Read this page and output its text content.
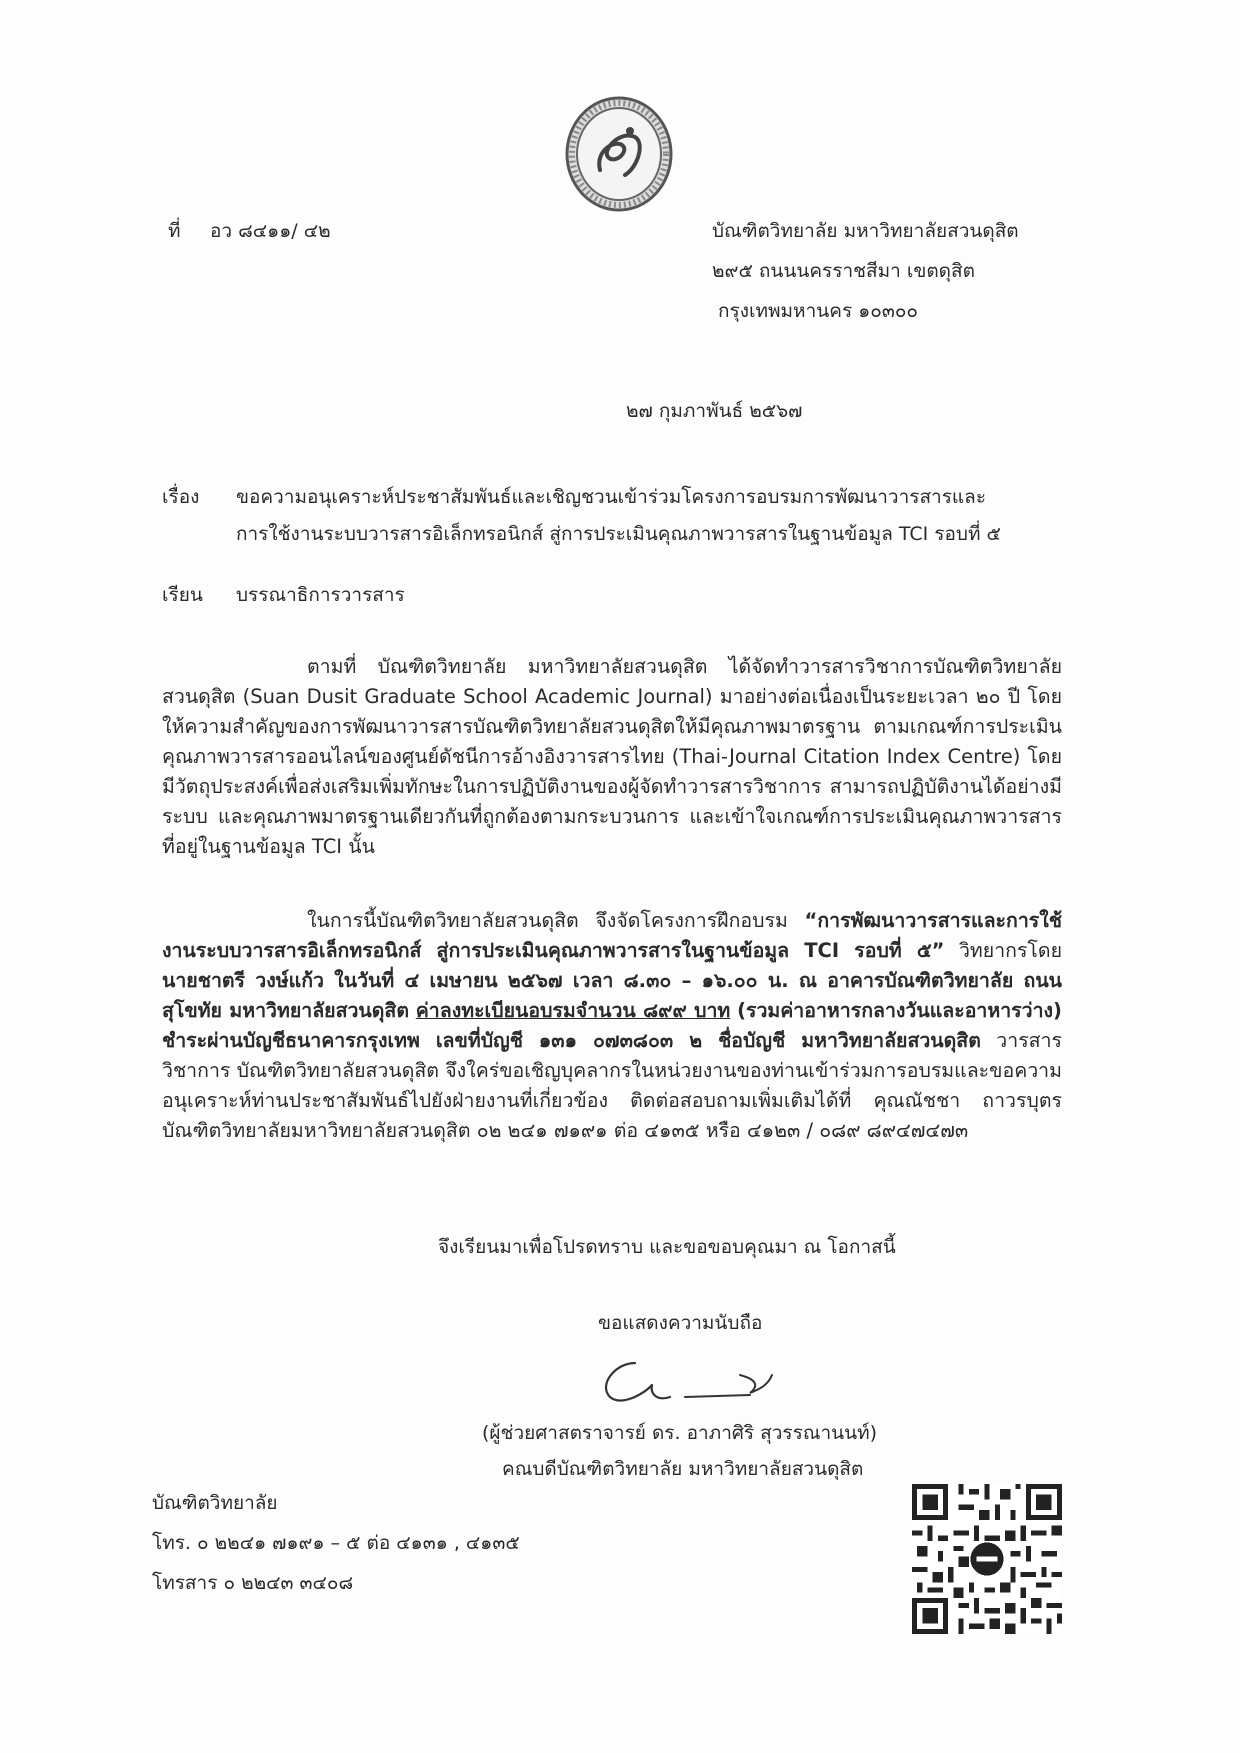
ที่ อว ๘๔๑๑/ ๔๒	บัณฑิตวิทยาลัย มหาวิทยาลัยสวนดุสิต
๒๙๕ ถนนนครราชสีมา เขตดุสิต
กรุงเทพมหานคร ๑๐๓๐๐
๒๗ กุมภาพันธ์ ๒๕๖๗
เรื่อง ขอความอนุเคราะห์ประชาสัมพันธ์และเชิญชวนเข้าร่วมโครงการอบรมการพัฒนาวารสารและ
การใช้งานระบบวารสารอิเล็กทรอนิกส์ สู่การประเมินคุณภาพวารสารในฐานข้อมูล TCI รอบที่ ๕
เรียน บรรณาธิการวารสาร

ตามที่ บัณฑิตวิทยาลัย มหาวิทยาลัยสวนดุสิต ได้จัดทำวารสารวิชาการบัณฑิตวิทยาลัยสวนดุสิต (Suan Dusit Graduate School Academic Journal) มาอย่างต่อเนื่องเป็นระยะเวลา ๒๐ ปี โดยให้ความสำคัญของการพัฒนาวารสารบัณฑิตวิทยาลัยสวนดุสิตให้มีคุณภาพมาตรฐาน ตามเกณฑ์การประเมินคุณภาพวารสารออนไลน์ของศูนย์ดัชนีการอ้างอิงวารสารไทย (Thai-Journal Citation Index Centre) โดยมีวัตถุประสงค์เพื่อส่งเสริมเพิ่มทักษะในการปฏิบัติงานของผู้จัดทำวารสารวิชาการ สามารถปฏิบัติงานได้อย่างมีระบบ และคุณภาพมาตรฐานเดียวกันที่ถูกต้องตามกระบวนการ และเข้าใจเกณฑ์การประเมินคุณภาพวารสารที่อยู่ในฐานข้อมูล TCI นั้น

ในการนี้บัณฑิตวิทยาลัยสวนดุสิต จึงจัดโครงการฝึกอบรม “การพัฒนาวารสารและการใช้งานระบบวารสารอิเล็กทรอนิกส์ สู่การประเมินคุณภาพวารสารในฐานข้อมูล TCI รอบที่ ๕” วิทยากรโดย นายชาตรี วงษ์แก้ว ในวันที่ ๔ เมษายน ๒๕๖๗ เวลา ๘.๓๐ – ๑๖.๐๐ น. ณ อาคารบัณฑิตวิทยาลัย ถนนสุโขทัย มหาวิทยาลัยสวนดุสิต ค่าลงทะเบียนอบรมจำนวน ๘๙๙ บาท (รวมค่าอาหารกลางวันและอาหารว่าง) ชำระผ่านบัญชีธนาคารกรุงเทพ เลขที่บัญชี ๑๓๑ ๐๗๓๘๐๓ ๒ ชื่อบัญชี มหาวิทยาลัยสวนดุสิต วารสารวิชาการ บัณฑิตวิทยาลัยสวนดุสิต จึงใคร่ขอเชิญบุคลากรในหน่วยงานของท่านเข้าร่วมการอบรมและขอความอนุเคราะห์ท่านประชาสัมพันธ์ไปยังฝ่ายงานที่เกี่ยวข้อง ติดต่อสอบถามเพิ่มเติมได้ที่ คุณณัชชา ถาวรบุตร บัณฑิตวิทยาลัยมหาวิทยาลัยสวนดุสิต ๐๒ ๒๔๑ ๗๑๙๑ ต่อ ๔๑๓๕ หรือ ๔๑๒๓ / ๐๘๙ ๘๙๔๗๔๗๓

จึงเรียนมาเพื่อโปรดทราบ และขอขอบคุณมา ณ โอกาสนี้
ขอแสดงความนับถือ
(ผู้ช่วยศาสตราจารย์ ดร. อาภาศิริ สุวรรณานนท์)
คณบดีบัณฑิตวิทยาลัย มหาวิทยาลัยสวนดุสิต
บัณฑิตวิทยาลัย
โทร. ๐ ๒๒๔๑ ๗๑๙๑ – ๕ ต่อ ๔๑๓๑ , ๔๑๓๕
โทรสาร ๐ ๒๒๔๓ ๓๔๐๘
